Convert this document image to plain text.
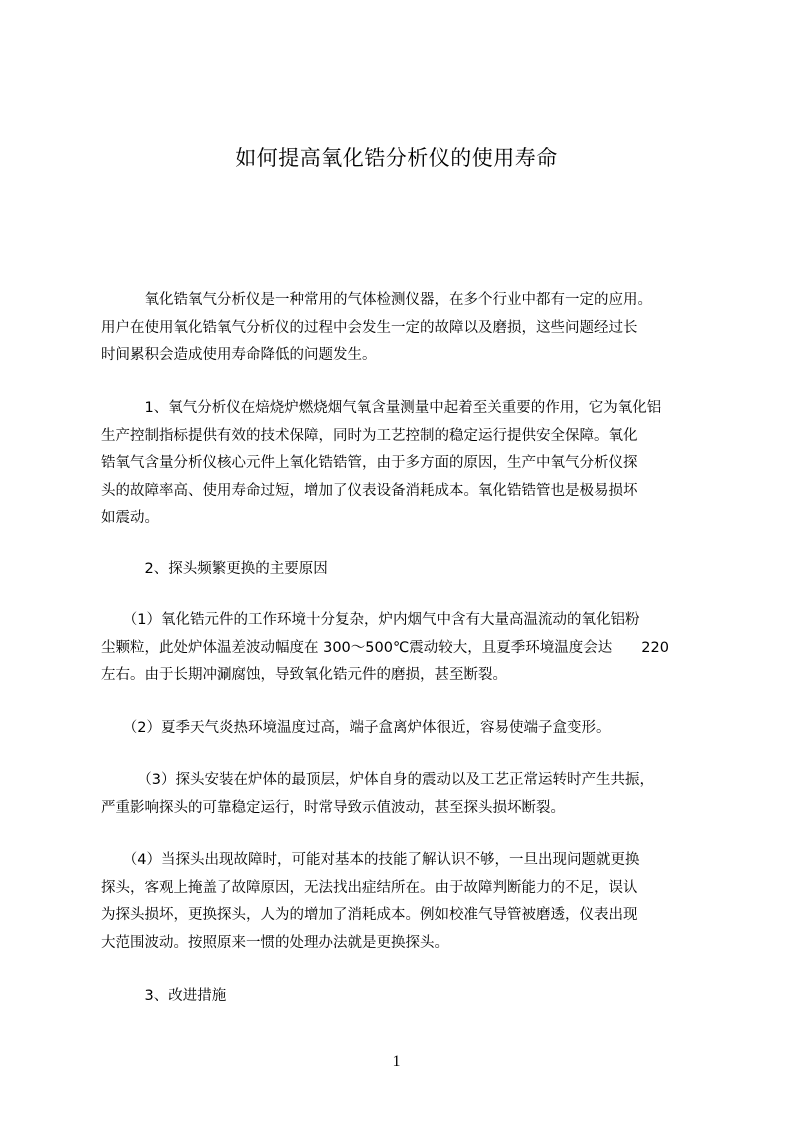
如何提高氧化锆分析仪的使用寿命
　　　氧化锆氧气分析仪是一种常用的气体检测仪器，在多个行业中都有一定的应用。
用户在使用氧化锆氧气分析仪的过程中会发生一定的故障以及磨损，这些问题经过长
时间累积会造成使用寿命降低的问题发生。
　　　1、氧气分析仪在焙烧炉燃烧烟气氧含量测量中起着至关重要的作用，它为氧化铝
生产控制指标提供有效的技术保障，同时为工艺控制的稳定运行提供安全保障。氧化
锆氧气含量分析仪核心元件上氧化锆锆管，由于多方面的原因，生产中氧气分析仪探
头的故障率高、使用寿命过短，增加了仪表设备消耗成本。氧化锆锆管也是极易损坏
如震动。
　　　2、探头频繁更换的主要原因
　　（1）氧化锆元件的工作环境十分复杂，炉内烟气中含有大量高温流动的氧化铝粉
尘颗粒，此处炉体温差波动幅度在 300～500℃震动较大，且夏季环境温度会达　　220
左右。由于长期冲涮腐蚀，导致氧化锆元件的磨损，甚至断裂。
　　（2）夏季天气炎热环境温度过高，端子盒离炉体很近，容易使端子盒变形。
　　　（3）探头安装在炉体的最顶层，炉体自身的震动以及工艺正常运转时产生共振，
严重影响探头的可靠稳定运行，时常导致示值波动，甚至探头损坏断裂。
　　（4）当探头出现故障时，可能对基本的技能了解认识不够，一旦出现问题就更换
探头，客观上掩盖了故障原因，无法找出症结所在。由于故障判断能力的不足，误认
为探头损坏，更换探头，人为的增加了消耗成本。例如校准气导管被磨透，仪表出现
大范围波动。按照原来一惯的处理办法就是更换探头。
　　　3、改进措施
1
